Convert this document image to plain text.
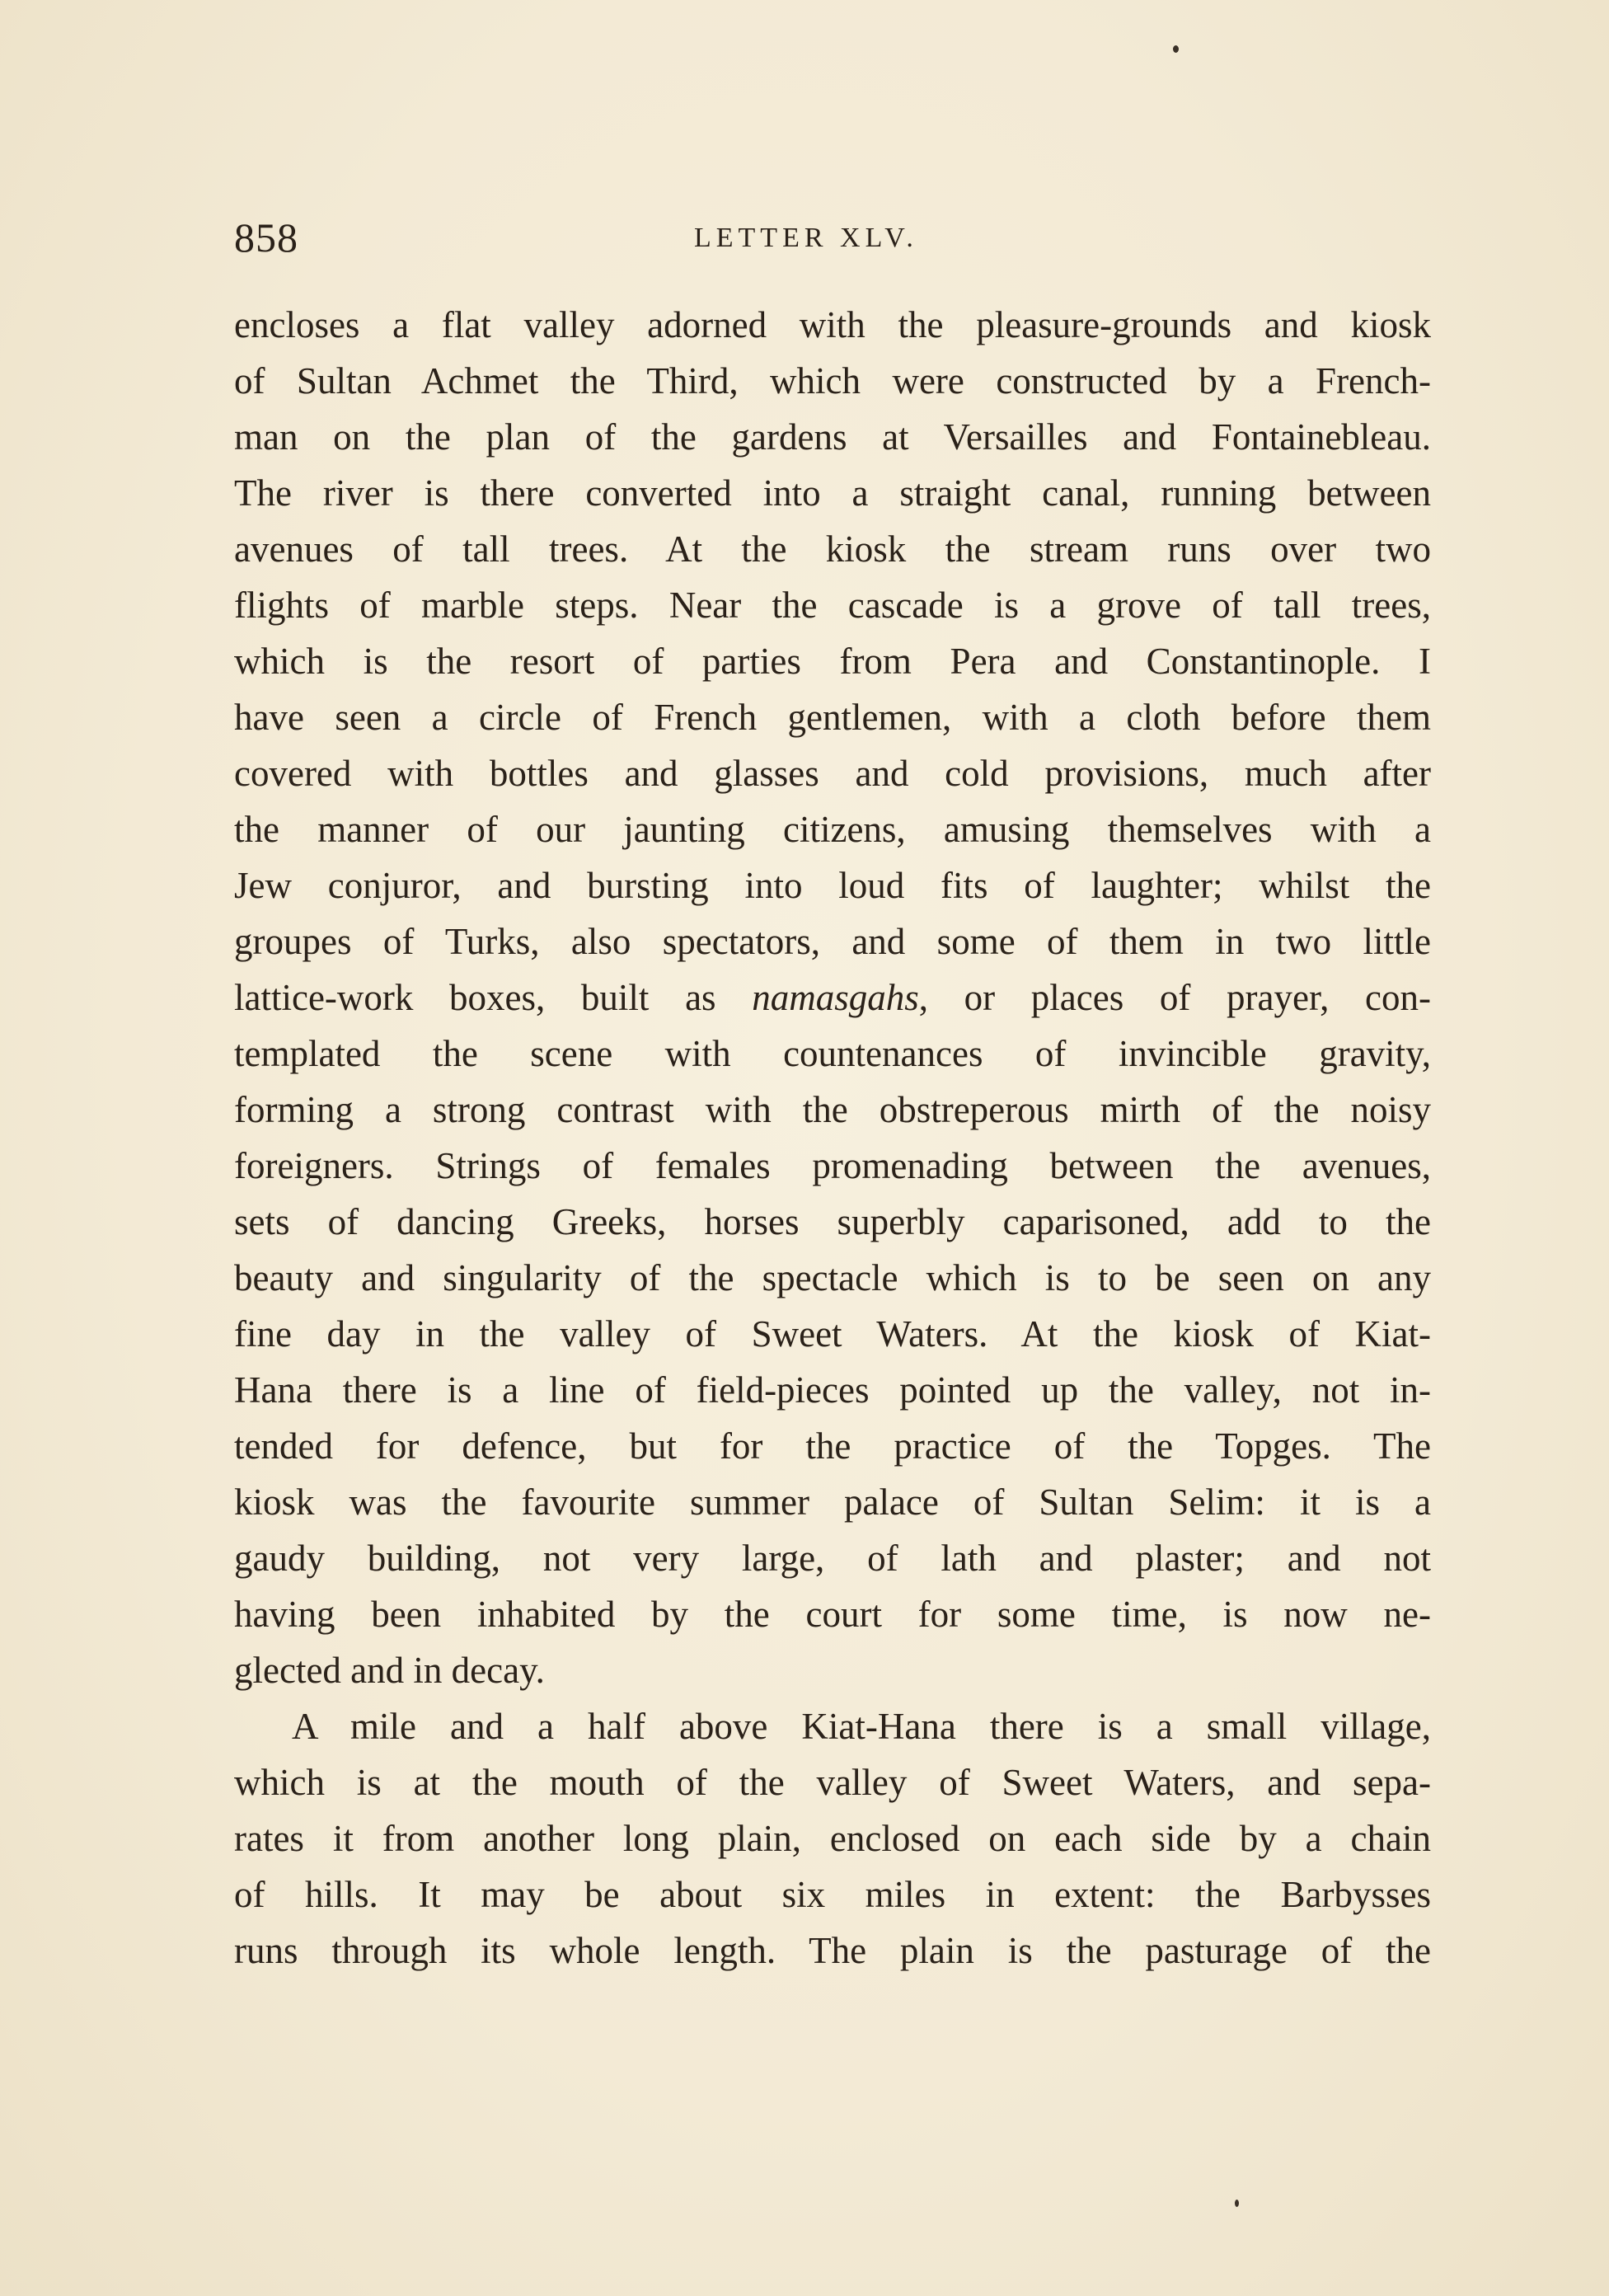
858	LETTER XLV.

encloses a flat valley adorned with the pleasure-grounds and kiosk
of Sultan Achmet the Third, which were constructed by a French-
man on the plan of the gardens at Versailles and Fontainebleau.
The river is there converted into a straight canal, running between
avenues of tall trees. At the kiosk the stream runs over two
flights of marble steps. Near the cascade is a grove of tall trees,
which is the resort of parties from Pera and Constantinople. I
have seen a circle of French gentlemen, with a cloth before them
covered with bottles and glasses and cold provisions, much after
the manner of our jaunting citizens, amusing themselves with a
Jew conjuror, and bursting into loud fits of laughter; whilst the
groupes of Turks, also spectators, and some of them in two little
lattice-work boxes, built as namasgahs, or places of prayer, con-
templated the scene with countenances of invincible gravity,
forming a strong contrast with the obstreperous mirth of the noisy
foreigners. Strings of females promenading between the avenues,
sets of dancing Greeks, horses superbly caparisoned, add to the
beauty and singularity of the spectacle which is to be seen on any
fine day in the valley of Sweet Waters. At the kiosk of Kiat-
Hana there is a line of field-pieces pointed up the valley, not in-
tended for defence, but for the practice of the Topges. The
kiosk was the favourite summer palace of Sultan Selim: it is a
gaudy building, not very large, of lath and plaster; and not
having been inhabited by the court for some time, is now ne-
glected and in decay.

A mile and a half above Kiat-Hana there is a small village,
which is at the mouth of the valley of Sweet Waters, and sepa-
rates it from another long plain, enclosed on each side by a chain
of hills. It may be about six miles in extent: the Barbysses
runs through its whole length. The plain is the pasturage of the
